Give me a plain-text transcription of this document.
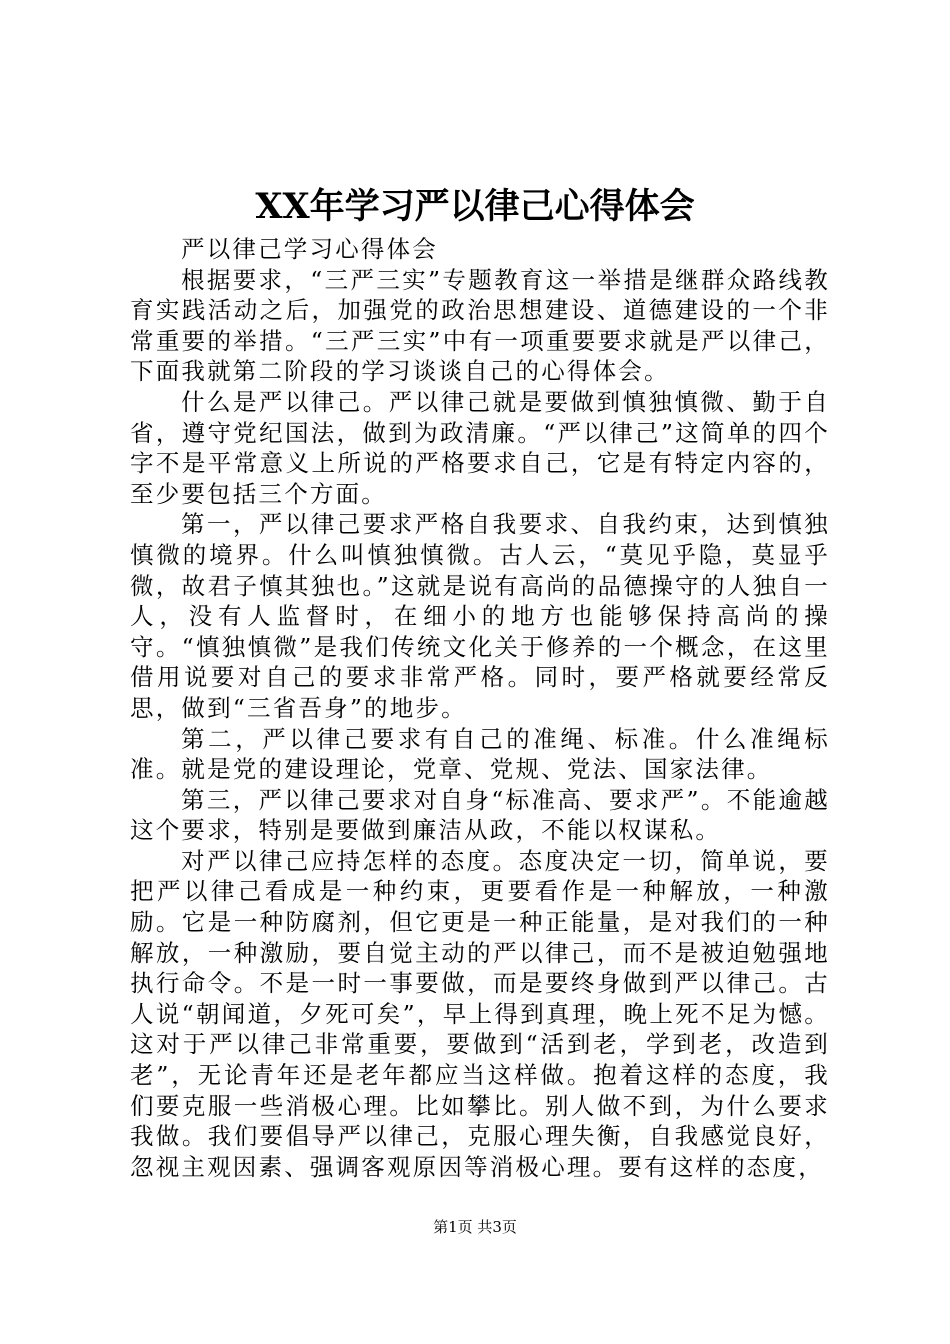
XX年学习严以律己心得体会

严以律己学习心得体会

根据要求，“三严三实”专题教育这一举措是继群众路线教育实践活动之后，加强党的政治思想建设、道德建设的一个非常重要的举措。“三严三实”中有一项重要要求就是严以律己，下面我就第二阶段的学习谈谈自己的心得体会。

什么是严以律己。严以律己就是要做到慎独慎微、勤于自省，遵守党纪国法，做到为政清廉。“严以律己”这简单的四个字不是平常意义上所说的严格要求自己，它是有特定内容的，至少要包括三个方面。

第一，严以律己要求严格自我要求、自我约束，达到慎独慎微的境界。什么叫慎独慎微。古人云，“莫见乎隐，莫显乎微，故君子慎其独也。”这就是说有高尚的品德操守的人独自一人，没有人监督时，在细小的地方也能够保持高尚的操守。“慎独慎微”是我们传统文化关于修养的一个概念，在这里借用说要对自己的要求非常严格。同时，要严格就要经常反思，做到“三省吾身”的地步。

第二，严以律己要求有自己的准绳、标准。什么准绳标准。就是党的建设理论，党章、党规、党法、国家法律。

第三，严以律己要求对自身“标准高、要求严”。不能逾越这个要求，特别是要做到廉洁从政，不能以权谋私。

对严以律己应持怎样的态度。态度决定一切，简单说，要把严以律己看成是一种约束，更要看作是一种解放，一种激励。它是一种防腐剂，但它更是一种正能量，是对我们的一种解放，一种激励，要自觉主动的严以律己，而不是被迫勉强地执行命令。不是一时一事要做，而是要终身做到严以律己。古人说“朝闻道，夕死可矣”，早上得到真理，晚上死不足为憾。这对于严以律己非常重要，要做到“活到老，学到老，改造到老”，无论青年还是老年都应当这样做。抱着这样的态度，我们要克服一些消极心理。比如攀比。别人做不到，为什么要求我做。我们要倡导严以律己，克服心理失衡，自我感觉良好，忽视主观因素、强调客观原因等消极心理。要有这样的态度，

第1页 共3页
